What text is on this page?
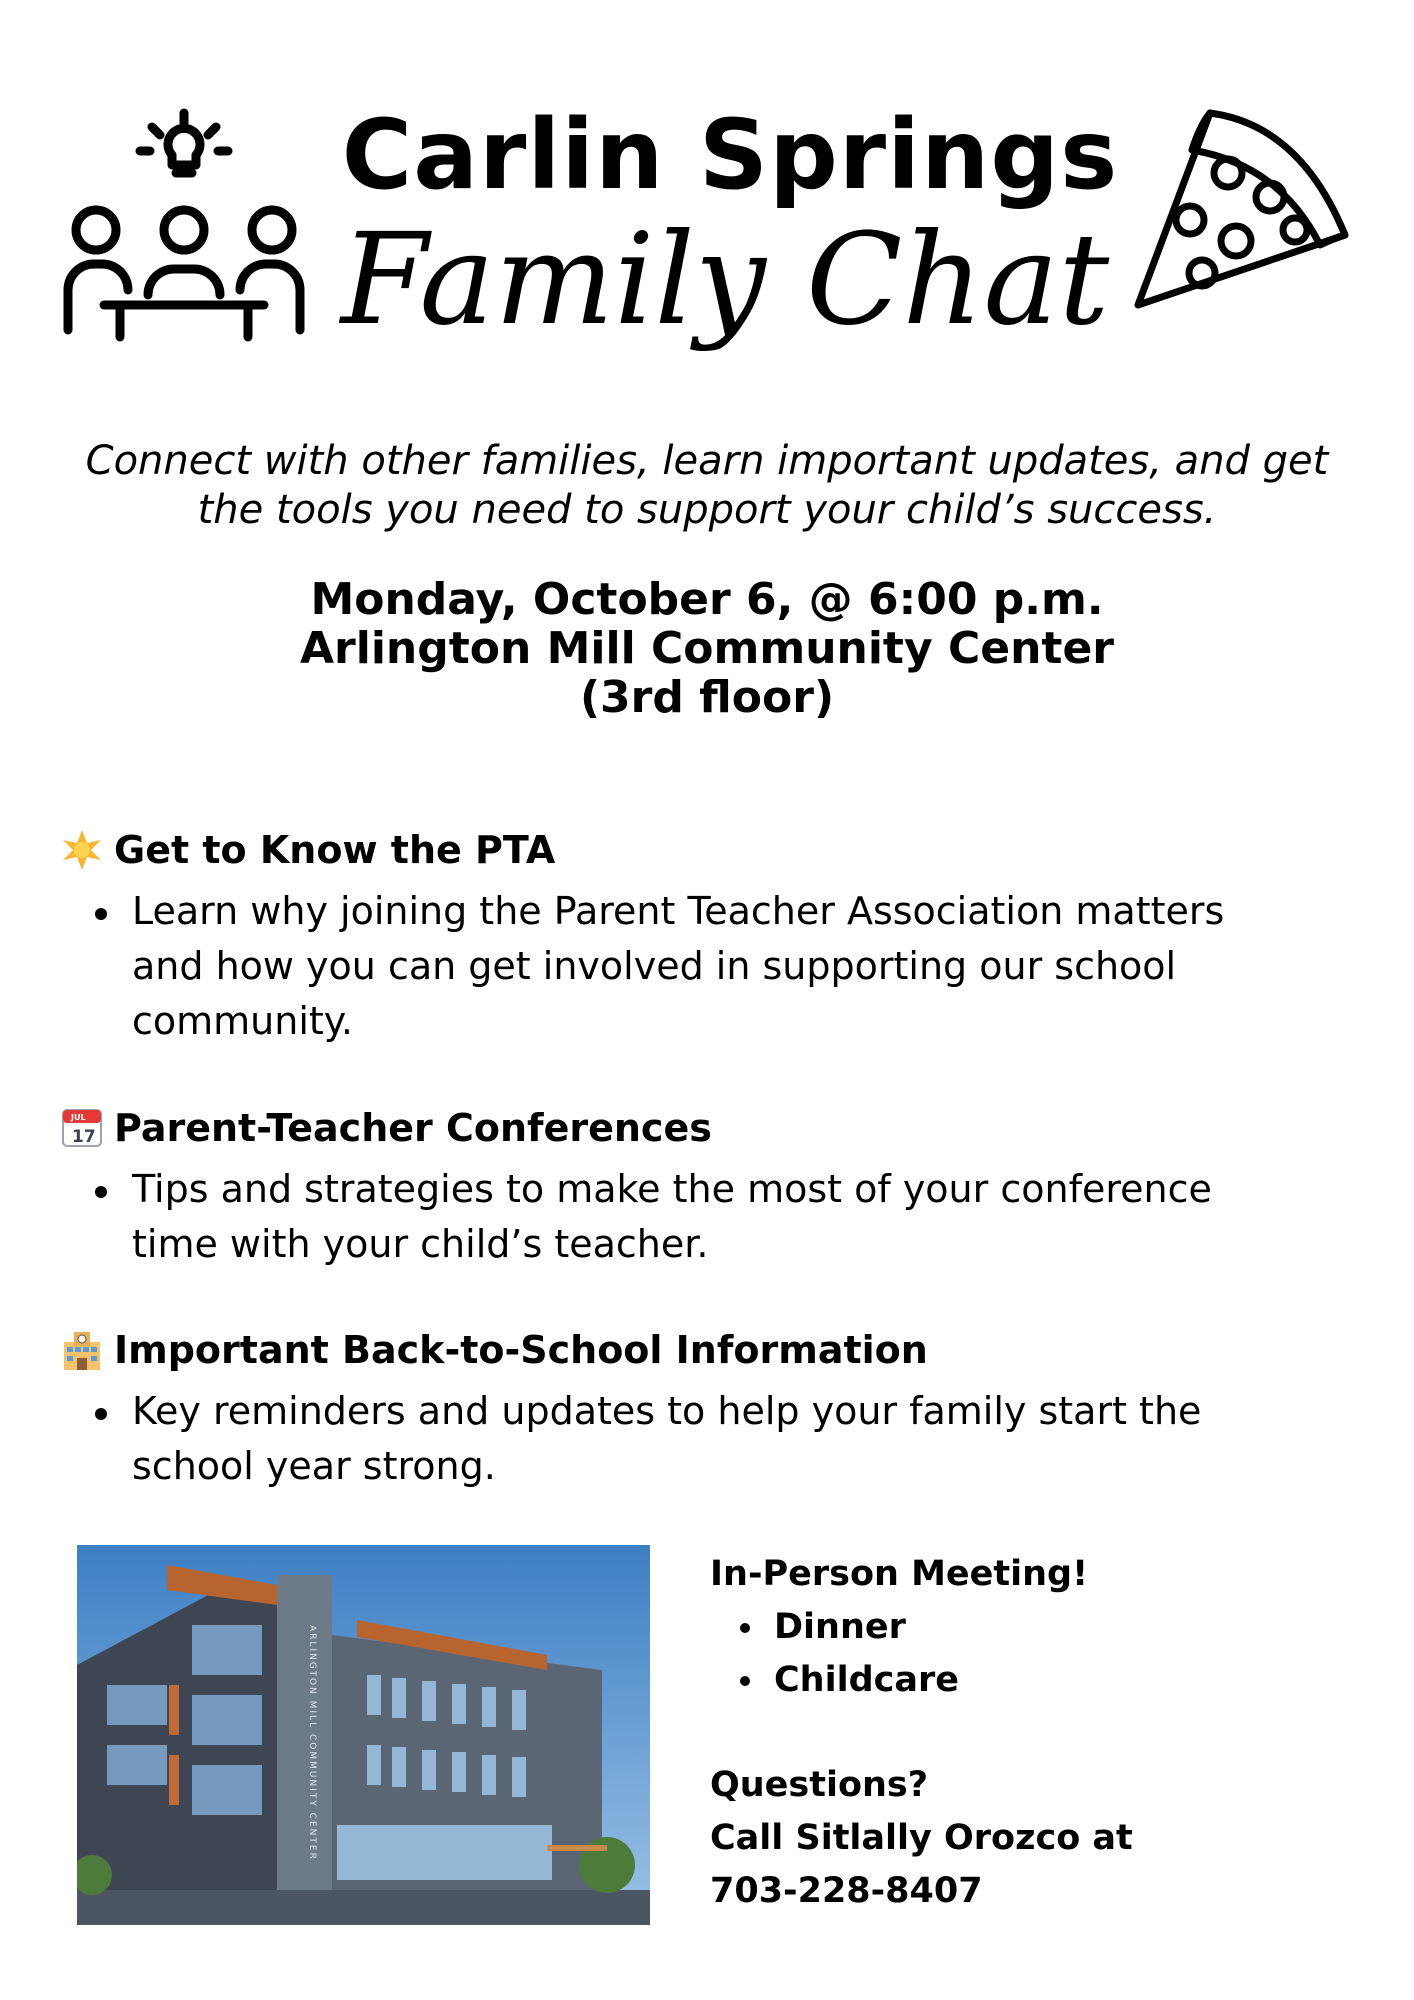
Carlin Springs
Family Chat
Connect with other families, learn important updates, and get the tools you need to support your child’s success.
Monday, October 6, @ 6:00 p.m.
Arlington Mill Community Center
(3rd floor)
Get to Know the PTA
Learn why joining the Parent Teacher Association matters and how you can get involved in supporting our school community.
JUL
17 Parent-Teacher Conferences
Tips and strategies to make the most of your conference time with your child’s teacher.
Important Back-to-School Information
Key reminders and updates to help your family start the school year strong.
ARLINGTON MILL COMMUNITY CENTER
In-Person Meeting!
Dinner
Childcare
Questions?
Call Sitlally Orozco at
703-228-8407
